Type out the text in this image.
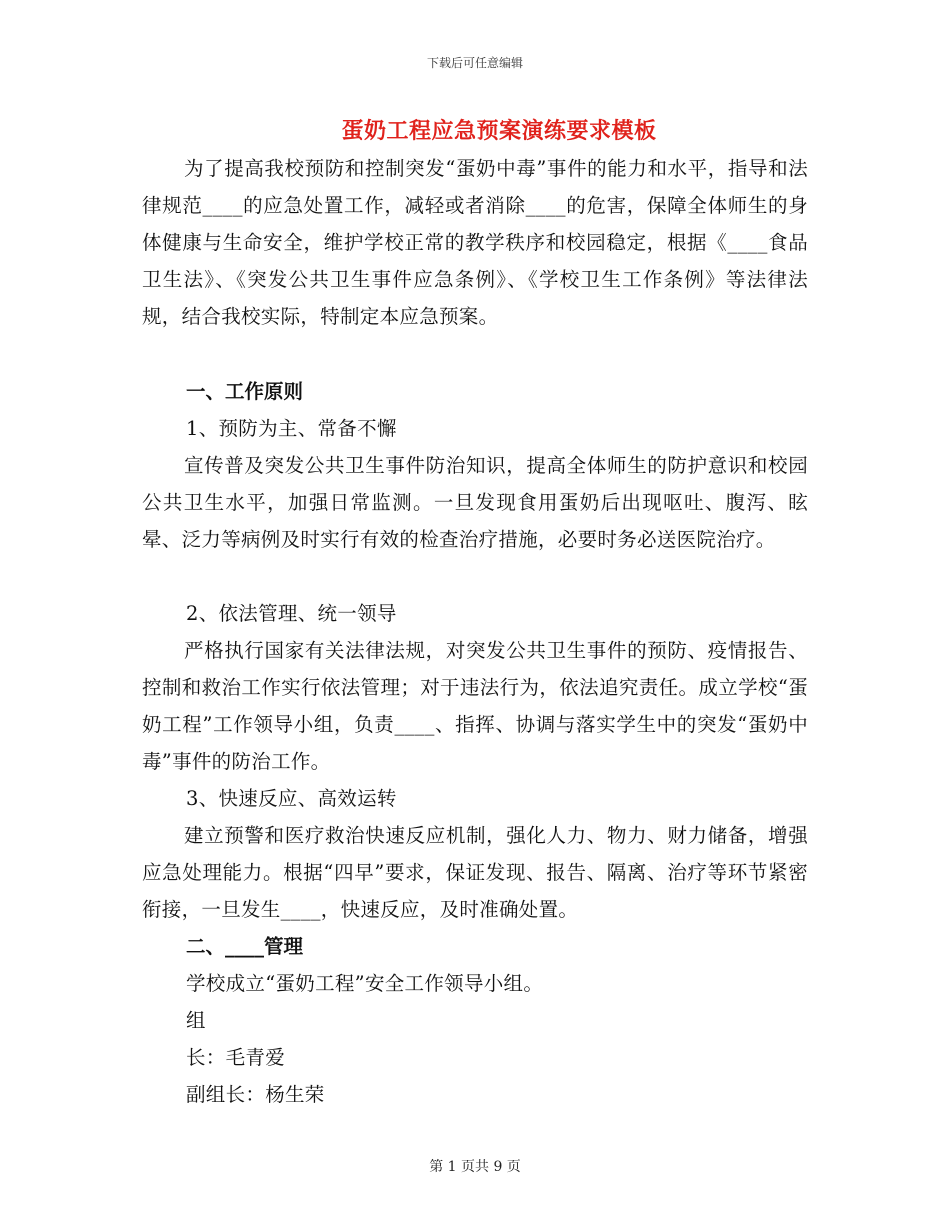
下载后可任意编辑
蛋奶工程应急预案演练要求模板
为了提高我校预防和控制突发“蛋奶中毒”事件的能力和水平，指导和法律规范____的应急处置工作，减轻或者消除____的危害，保障全体师生的身体健康与生命安全，维护学校正常的教学秩序和校园稳定，根据《____食品卫生法》、《突发公共卫生事件应急条例》、《学校卫生工作条例》等法律法规，结合我校实际，特制定本应急预案。
一、工作原则
1、预防为主、常备不懈
宣传普及突发公共卫生事件防治知识，提高全体师生的防护意识和校园公共卫生水平，加强日常监测。一旦发现食用蛋奶后出现呕吐、腹泻、眩晕、泛力等病例及时实行有效的检查治疗措施，必要时务必送医院治疗。
2、依法管理、统一领导
严格执行国家有关法律法规，对突发公共卫生事件的预防、疫情报告、控制和救治工作实行依法管理；对于违法行为，依法追究责任。成立学校“蛋奶工程”工作领导小组，负责____、指挥、协调与落实学生中的突发“蛋奶中毒”事件的防治工作。
3、快速反应、高效运转
建立预警和医疗救治快速反应机制，强化人力、物力、财力储备，增强应急处理能力。根据“四早”要求，保证发现、报告、隔离、治疗等环节紧密衔接，一旦发生____，快速反应，及时准确处置。
二、____管理
学校成立“蛋奶工程”安全工作领导小组。
组
长：毛青爱
副组长：杨生荣
第 1 页共 9 页
